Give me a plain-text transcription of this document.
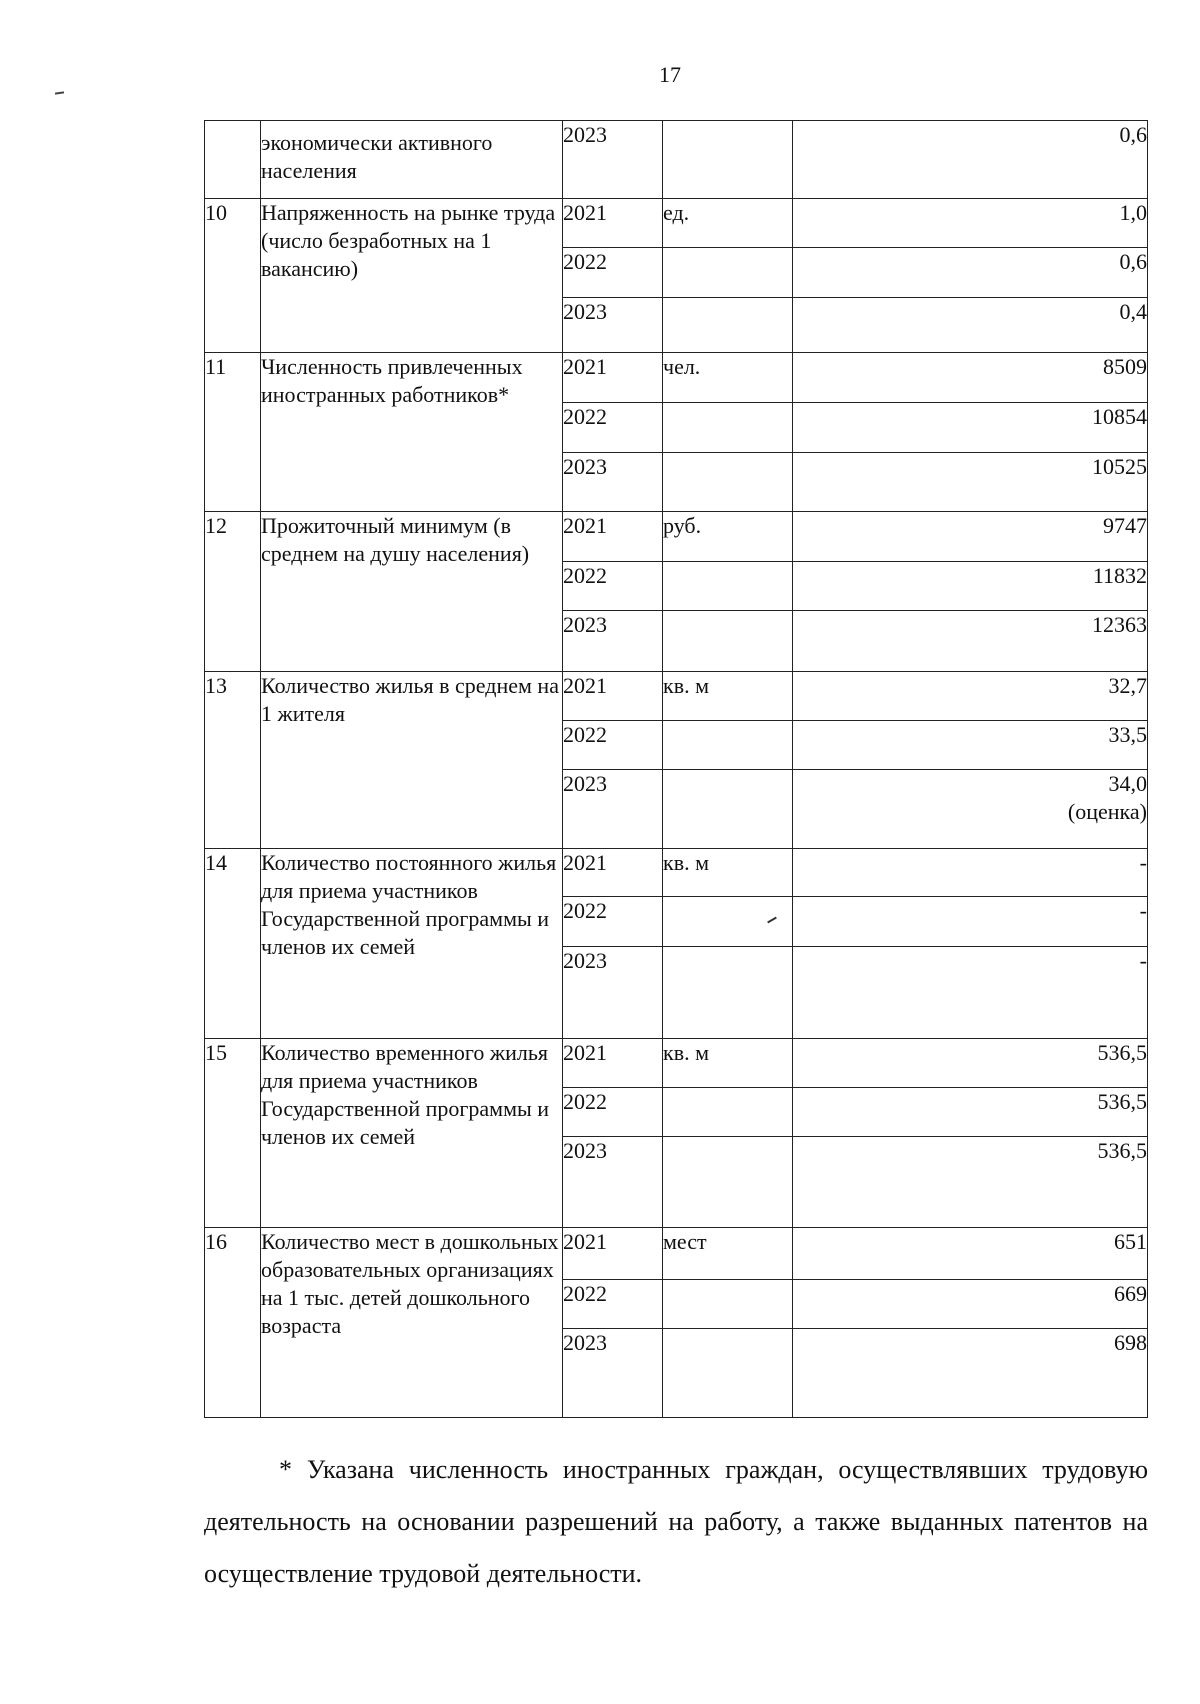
17
	экономически активного населения	2023		0,6
10	Напряженность на рынке труда (число безработных на 1 вакансию)	2021	ед.	1,0
		2022		0,6
		2023		0,4
11	Численность привлеченных иностранных работников*	2021	чел.	8509
		2022		10854
		2023		10525
12	Прожиточный минимум (в среднем на душу населения)	2021	руб.	9747
		2022		11832
		2023		12363
13	Количество жилья в среднем на 1 жителя	2021	кв. м	32,7
		2022		33,5
		2023		34,0
(оценка)

14	Количество постоянного жилья для приема участников Государственной программы и членов их семей	2021	кв. м	-
		2022		-
		2023		-
15	Количество временного жилья для приема участников Государственной программы и членов их семей	2021	кв. м	536,5
		2022		536,5
		2023		536,5
16	Количество мест в дошкольных образовательных организациях на 1 тыс. детей дошкольного возраста	2021	мест	651
		2022		669
		2023		698

* Указана численность иностранных граждан, осуществлявших трудовую деятельность на основании разрешений на работу, а также выданных патентов на осуществление трудовой деятельности.
